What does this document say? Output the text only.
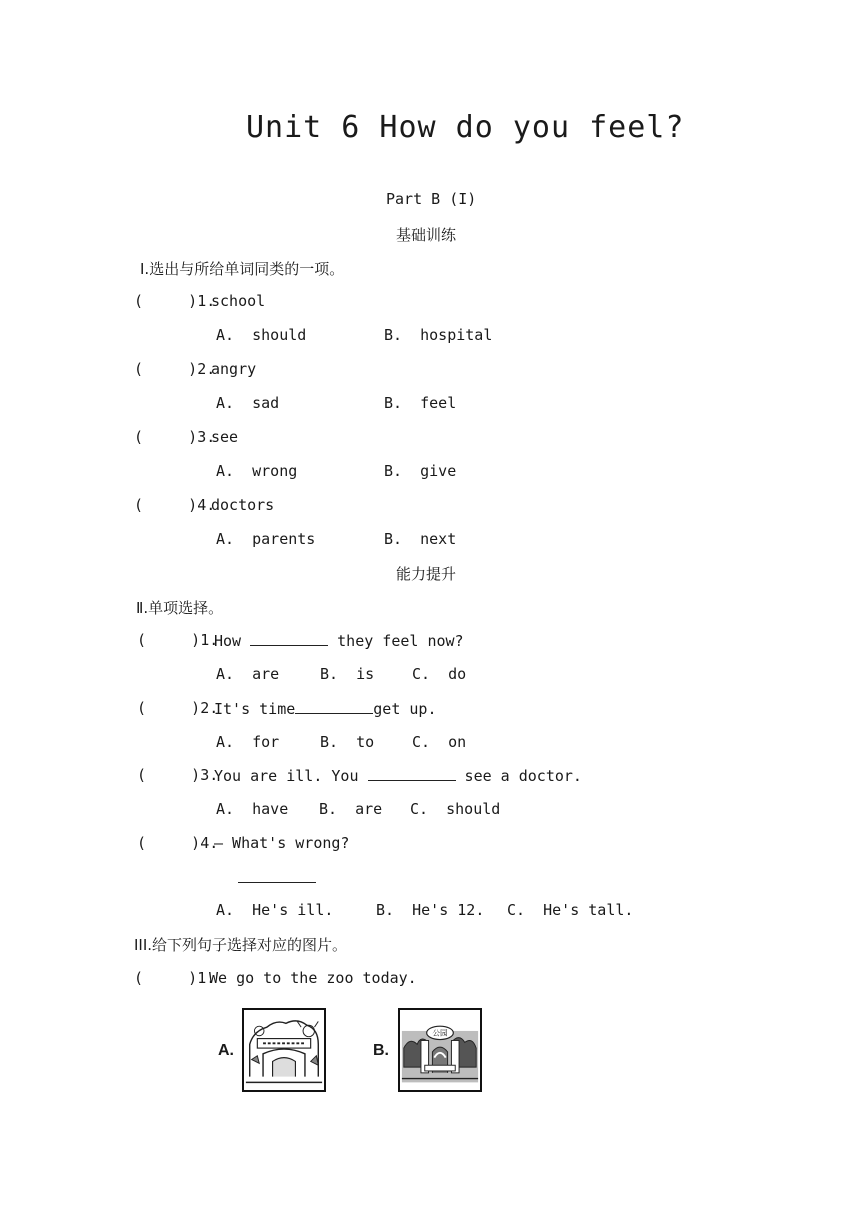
Unit 6 How do you feel?
Part B (I)
基础训练
Ⅰ.选出与所给单词同类的一项。
(     )1.
school
A.  should	B.  hospital
(     )2.
angry
A.  sad	B.  feel
(     )3.
see
A.  wrong	B.  give
(     )4.
doctors
A.  parents	B.  next
能力提升
Ⅱ.单项选择。
(     )1.
How	they feel now?
A.  are	B.  is	C.  do
(     )2.
It's time	get up.
A.  for	B.  to	C.  on
(     )3.
You are ill. You	see a doctor.
A.  have B.  are C.  should
(     )4.
— What's wrong?
A.  He's ill.	B.  He's 12. C.  He's tall.
III.给下列句子选择对应的图片。
(     )1.
We go to the zoo today.
A.	B.
公园
